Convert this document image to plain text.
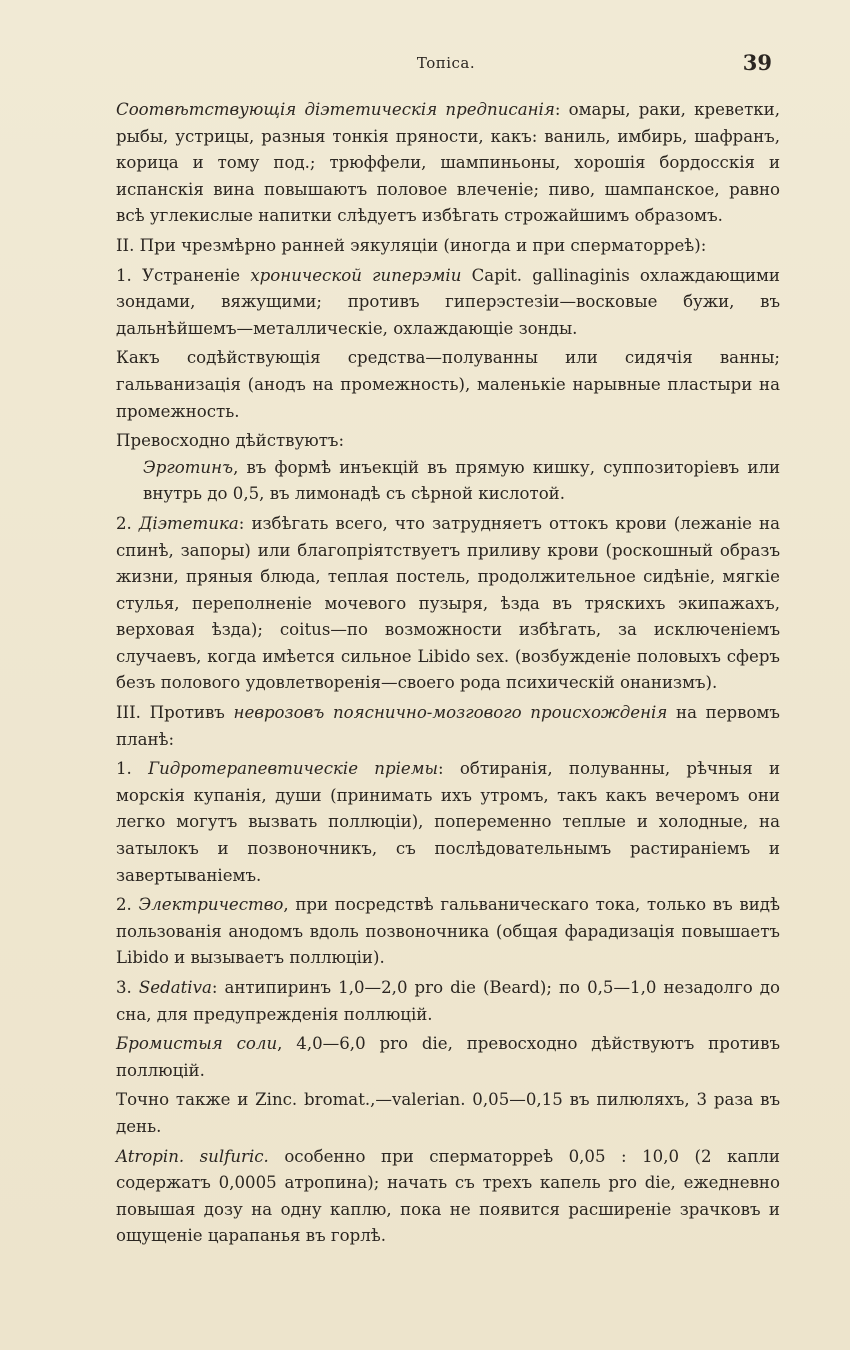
Toпica.	39

Соотвѣтствующія діэтетическія предписанія: омары, раки, креветки, рыбы, устрицы, разныя тонкія пряности, какъ: ваниль, имбирь, шафранъ, корица и тому под.; трюффели, шампиньоны, хорошія бордосскія и испанскія вина повышаютъ половое влеченіе; пиво, шампанское, равно всѣ углекислые напитки слѣдуетъ избѣгать строжайшимъ образомъ.

II. При чрезмѣрно ранней эякуляціи (иногда и при сперматорреѣ):

1. Устраненіе хронической гиперэміи Capit. gallinaginis охлаждающими зондами, вяжущими; противъ гиперэстезіи—восковые бужи, въ дальнѣйшемъ—металлическіе, охлаждающіе зонды.

Какъ содѣйствующія средства—полуванны или сидячія ванны; гальванизація (анодъ на промежность), маленькіе нарывные пластыри на промежность.

Превосходно дѣйствуютъ:

Эрготинъ, въ формѣ инъекцій въ прямую кишку, суппозиторіевъ или внутрь до 0,5, въ лимонадѣ съ сѣрной кислотой.

2. Діэтетика: избѣгать всего, что затрудняетъ оттокъ крови (лежаніе на спинѣ, запоры) или благопріятствуетъ приливу крови (роскошный образъ жизни, пряныя блюда, теплая постель, продолжительное сидѣніе, мягкіе стулья, переполненіе мочевого пузыря, ѣзда въ тряскихъ экипажахъ, верховая ѣзда); coitus—по возможности избѣгать, за исключеніемъ случаевъ, когда имѣется сильное Libido sex. (возбужденіе половыхъ сферъ безъ полового удовлетворенія—своего рода психическій онанизмъ).

III. Противъ неврозовъ поясничнo-мозгового происхожденія на первомъ планѣ:

1. Гидротерапевтическіе пріемы: обтиранія, полуванны, рѣчныя и морскія купанія, души (принимать ихъ утромъ, такъ какъ вечеромъ они легко могутъ вызвать поллюціи), попеременно теплые и холодные, на затылокъ и позвоночникъ, съ послѣдовательнымъ растираніемъ и завертываніемъ.

2. Электричество, при посредствѣ гальваническаго тока, только въ видѣ пользованія анодомъ вдоль позвоночника (общая фарадизація повышаетъ Libido и вызываетъ поллюціи).

3. Sedativa: антипиринъ 1,0—2,0 pro die (Beard); по 0,5—1,0 незадолго до сна, для предупрежденія поллюцій.

Бромистыя соли, 4,0—6,0 pro die, превосходно дѣйствуютъ противъ поллюцій.

Точно также и Zinc. bromat.,—valerian. 0,05—0,15 въ пилюляхъ, 3 раза въ день.

Atropin. sulfuric. особенно при сперматорреѣ 0,05 : 10,0 (2 капли содержатъ 0,0005 атропина); начать съ трехъ капель pro die, ежедневно повышая дозу на одну каплю, пока не появится расширеніе зрачковъ и ощущеніе царапанья въ горлѣ.
